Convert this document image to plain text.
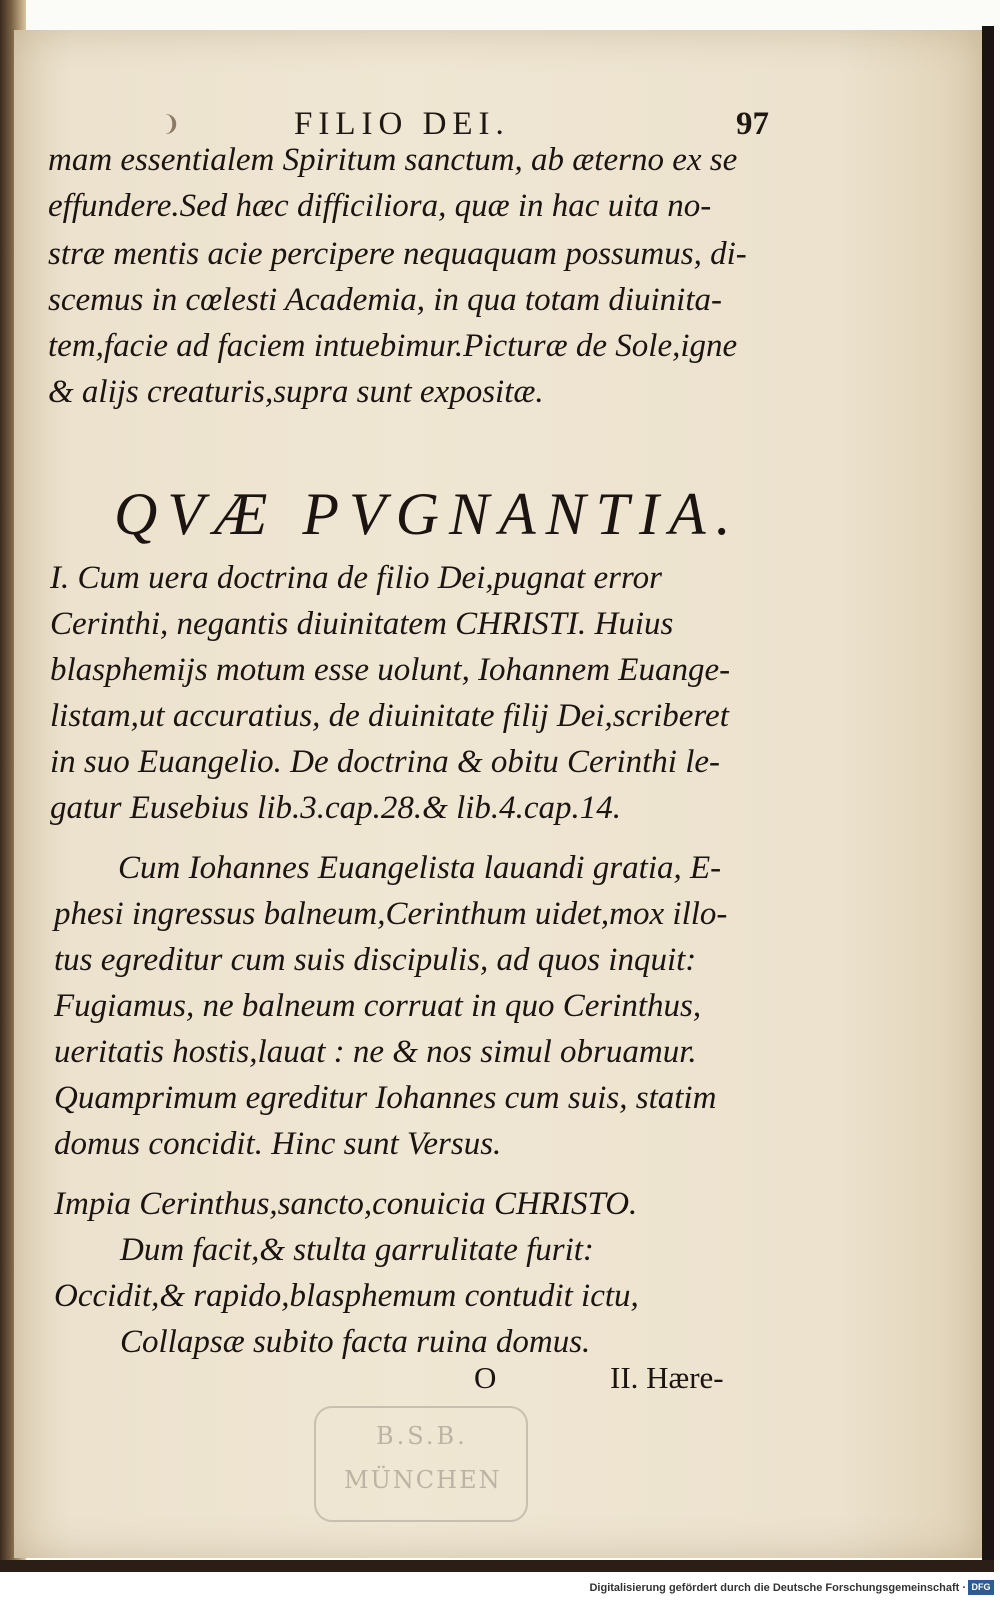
❩	FILIO DEI.	97
mam essentialem Spiritum sanctum, ab æterno ex se
effundere.Sed hæc difficiliora, quæ in hac uita no-
stræ mentis acie percipere nequaquam possumus, di-
scemus in cœlesti Academia, in qua totam diuinita-
tem,facie ad faciem intuebimur.Picturæ de Sole,igne
& alijs creaturis,supra sunt expositæ.
QVÆ PVGNANTIA.
I. Cum uera doctrina de filio Dei,pugnat error
Cerinthi, negantis diuinitatem CHRISTI. Huius
blasphemijs motum esse uolunt, Iohannem Euange-
listam,ut accuratius, de diuinitate filij Dei,scriberet
in suo Euangelio. De doctrina & obitu Cerinthi le-
gatur Eusebius lib.3.cap.28.& lib.4.cap.14.
Cum Iohannes Euangelista lauandi gratia, E-
phesi ingressus balneum,Cerinthum uidet,mox illo-
tus egreditur cum suis discipulis, ad quos inquit:
Fugiamus, ne balneum corruat in quo Cerinthus,
ueritatis hostis,lauat : ne & nos simul obruamur.
Quamprimum egreditur Iohannes cum suis, statim
domus concidit. Hinc sunt Versus.
Impia Cerinthus,sancto,conuicia CHRISTO.
Dum facit,& stulta garrulitate furit:
Occidit,& rapido,blasphemum contudit ictu,
Collapsæ subito facta ruina domus.
O	II. Hære-
B.S.B.
MÜNCHEN
Digitalisierung gefördert durch die Deutsche Forschungsgemeinschaft · DFG
